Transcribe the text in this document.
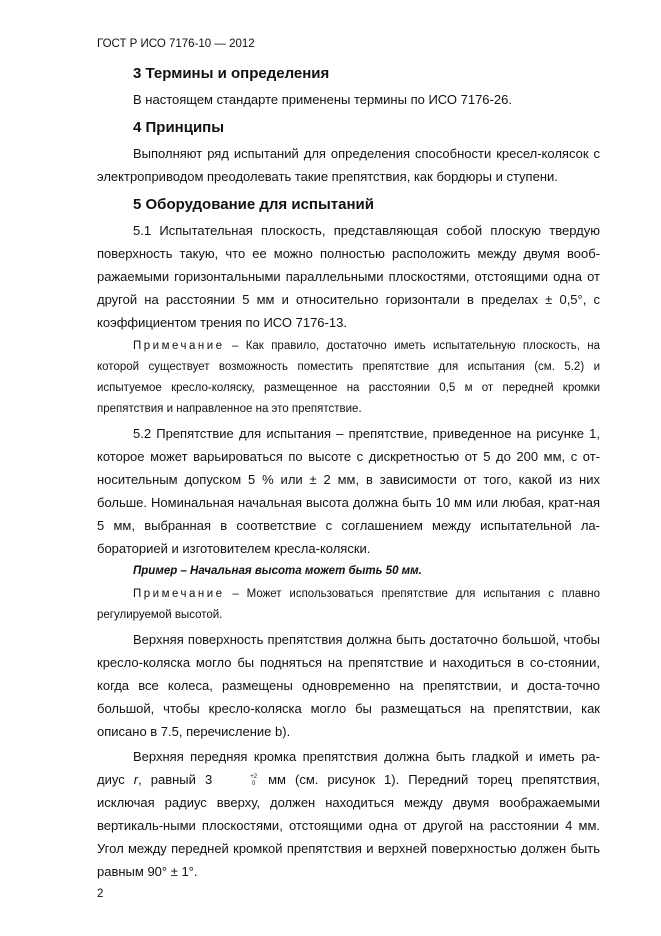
ГОСТ Р ИСО 7176-10 — 2012
3 Термины и определения

В настоящем стандарте применены термины по ИСО 7176-26.

4 Принципы

Выполняют ряд испытаний для определения способности кресел-колясок с электроприводом преодолевать такие препятствия, как бордюры и ступени.

5 Оборудование для испытаний

5.1 Испытательная плоскость, представляющая собой плоскую твердую поверхность такую, что ее можно полностью расположить между двумя вооб-ражаемыми горизонтальными параллельными плоскостями, отстоящими одна от другой на расстоянии 5 мм и относительно горизонтали в пределах ± 0,5°, с коэффициентом трения по ИСО 7176-13.

Примечание – Как правило, достаточно иметь испытательную плоскость, на которой существует возможность поместить препятствие для испытания (см. 5.2) и испытуемое кресло-коляску, размещенное на расстоянии 0,5 м от передней кромки препятствия и направленное на это препятствие.

5.2 Препятствие для испытания – препятствие, приведенное на рисунке 1, которое может варьироваться по высоте с дискретностью от 5 до 200 мм, с от-носительным допуском 5 % или ± 2 мм, в зависимости от того, какой из них больше. Номинальная начальная высота должна быть 10 мм или любая, крат-ная 5 мм, выбранная в соответствие с соглашением между испытательной ла-бораторией и изготовителем кресла-коляски.

Пример – Начальная высота может быть 50 мм.
Примечание – Может использоваться препятствие для испытания с плавно регулируемой высотой.

Верхняя поверхность препятствия должна быть достаточно большой, чтобы кресло-коляска могло бы подняться на препятствие и находиться в со-стоянии, когда все колеса, размещены одновременно на препятствии, и доста-точно большой, чтобы кресло-коляска могло бы размещаться на препятствии, как описано в 7.5, перечисление b).

Верхняя передняя кромка препятствия должна быть гладкой и иметь ра-диус r, равный 3	+2
0 мм (см. рисунок 1). Передний торец препятствия, исключая радиус вверху, должен находиться между двумя воображаемыми вертикаль-ными плоскостями, отстоящими одна от другой на расстоянии 4 мм. Угол между передней кромкой препятствия и верхней поверхностью должен быть равным 90° ± 1°.

2
